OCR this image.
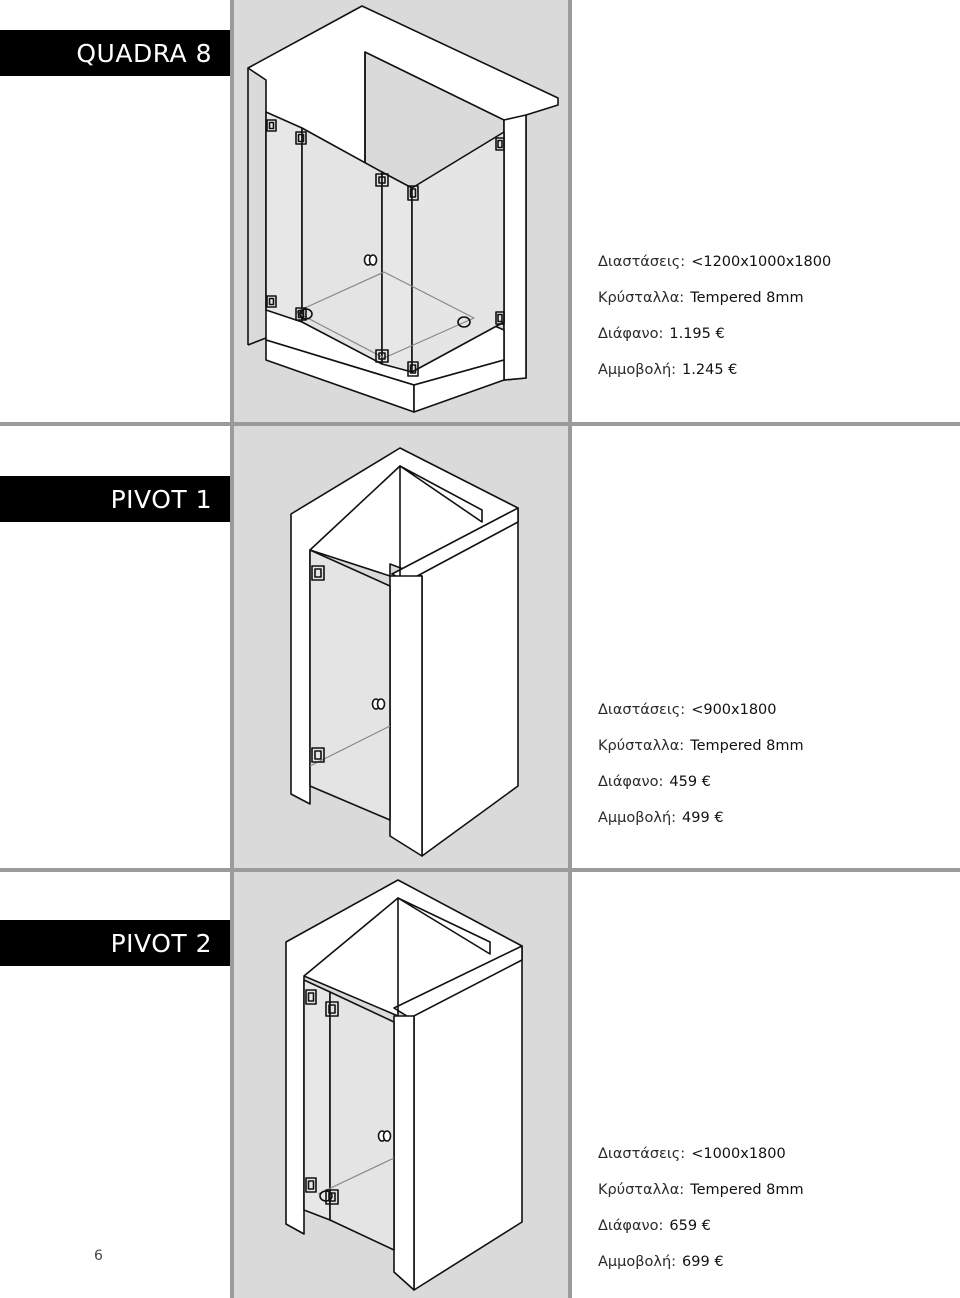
QUADRA 8
Διαστάσεις: <1200x1000x1800
Κρύσταλλα: Tempered 8mm
Διάφανο: 1.195 €
Αμμοβολή: 1.245 €
PIVOT 1
Διαστάσεις: <900x1800
Κρύσταλλα: Tempered 8mm
Διάφανο: 459 €
Αμμοβολή: 499 €
PIVOT 2
Διαστάσεις: <1000x1800
Κρύσταλλα: Tempered 8mm
Διάφανο: 659 €
Αμμοβολή: 699 €
6
